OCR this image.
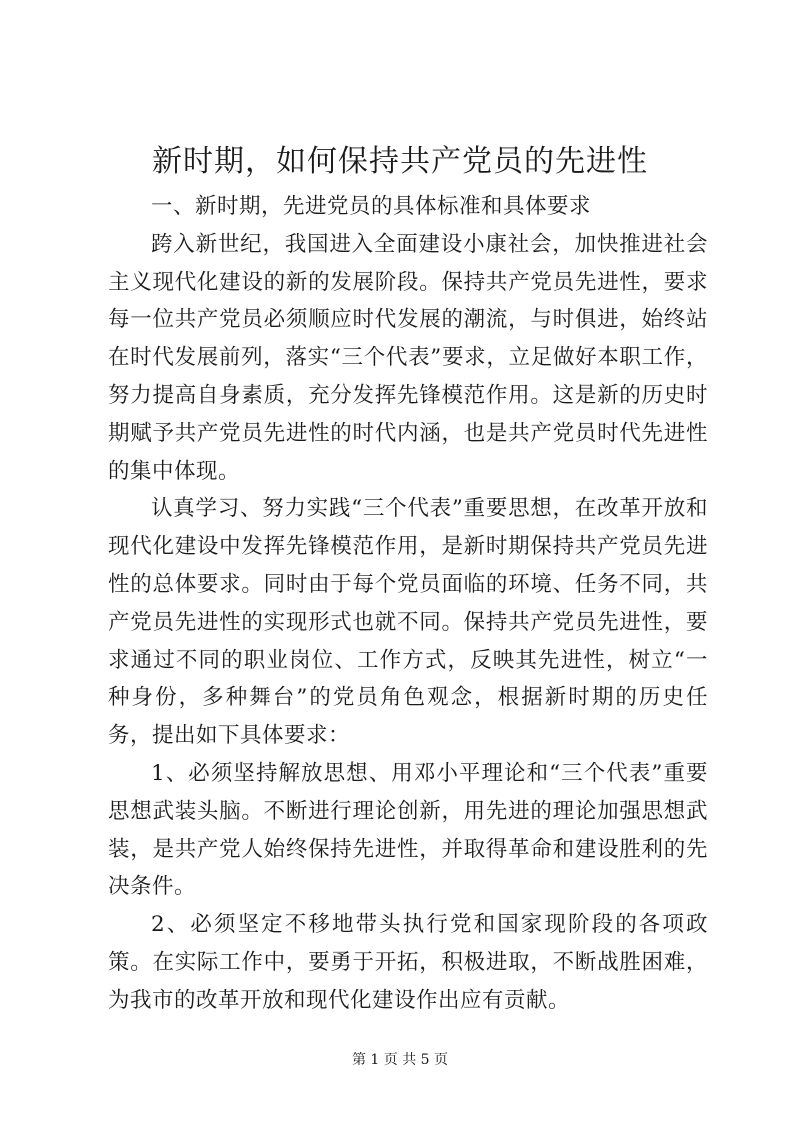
新时期，如何保持共产党员的先进性

一、新时期，先进党员的具体标准和具体要求

跨入新世纪，我国进入全面建设小康社会，加快推进社会主义现代化建设的新的发展阶段。保持共产党员先进性，要求每一位共产党员必须顺应时代发展的潮流，与时俱进，始终站在时代发展前列，落实“三个代表”要求，立足做好本职工作，努力提高自身素质，充分发挥先锋模范作用。这是新的历史时期赋予共产党员先进性的时代内涵，也是共产党员时代先进性的集中体现。

认真学习、努力实践“三个代表”重要思想，在改革开放和现代化建设中发挥先锋模范作用，是新时期保持共产党员先进性的总体要求。同时由于每个党员面临的环境、任务不同，共产党员先进性的实现形式也就不同。保持共产党员先进性，要求通过不同的职业岗位、工作方式，反映其先进性，树立“一种身份，多种舞台”的党员角色观念，根据新时期的历史任务，提出如下具体要求：

1、必须坚持解放思想、用邓小平理论和“三个代表”重要思想武装头脑。不断进行理论创新，用先进的理论加强思想武装，是共产党人始终保持先进性，并取得革命和建设胜利的先决条件。

2、必须坚定不移地带头执行党和国家现阶段的各项政策。在实际工作中，要勇于开拓，积极进取，不断战胜困难，为我市的改革开放和现代化建设作出应有贡献。

第 1 页 共 5 页
